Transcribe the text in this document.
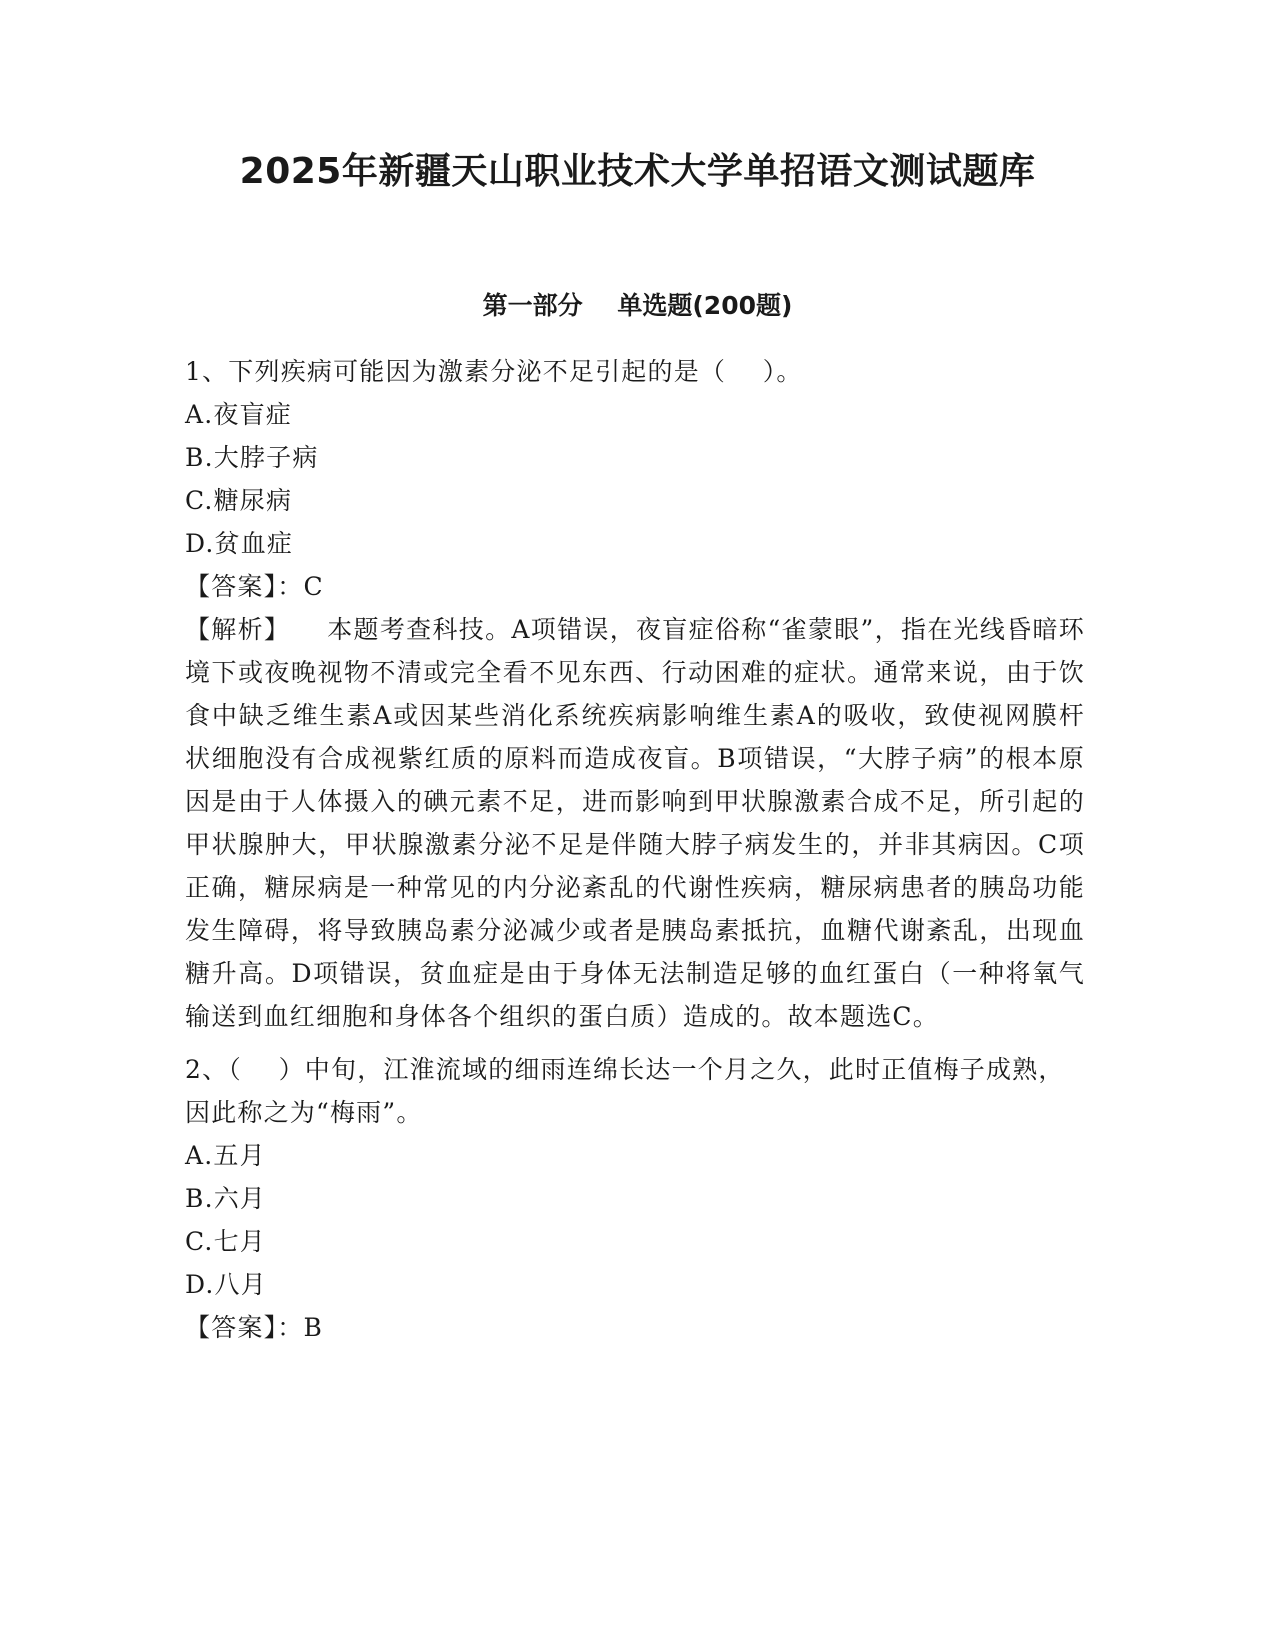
2025年新疆天山职业技术大学单招语文测试题库
第一部分    单选题(200题)

1、下列疾病可能因为激素分泌不足引起的是（    ）。

A.夜盲症

B.大脖子病

C.糖尿病

D.贫血症

【答案】：C

【解析】    本题考查科技。A项错误，夜盲症俗称“雀蒙眼”，指在光线昏暗环境下或夜晚视物不清或完全看不见东西、行动困难的症状。通常来说，由于饮食中缺乏维生素A或因某些消化系统疾病影响维生素A的吸收，致使视网膜杆状细胞没有合成视紫红质的原料而造成夜盲。B项错误，“大脖子病”的根本原因是由于人体摄入的碘元素不足，进而影响到甲状腺激素合成不足，所引起的甲状腺肿大，甲状腺激素分泌不足是伴随大脖子病发生的，并非其病因。C项正确，糖尿病是一种常见的内分泌紊乱的代谢性疾病，糖尿病患者的胰岛功能发生障碍，将导致胰岛素分泌减少或者是胰岛素抵抗，血糖代谢紊乱，出现血糖升高。D项错误，贫血症是由于身体无法制造足够的血红蛋白（一种将氧气输送到血红细胞和身体各个组织的蛋白质）造成的。故本题选C。

2、（    ）中旬，江淮流域的细雨连绵长达一个月之久，此时正值梅子成熟，因此称之为“梅雨”。

A.五月

B.六月

C.七月

D.八月

【答案】：B
